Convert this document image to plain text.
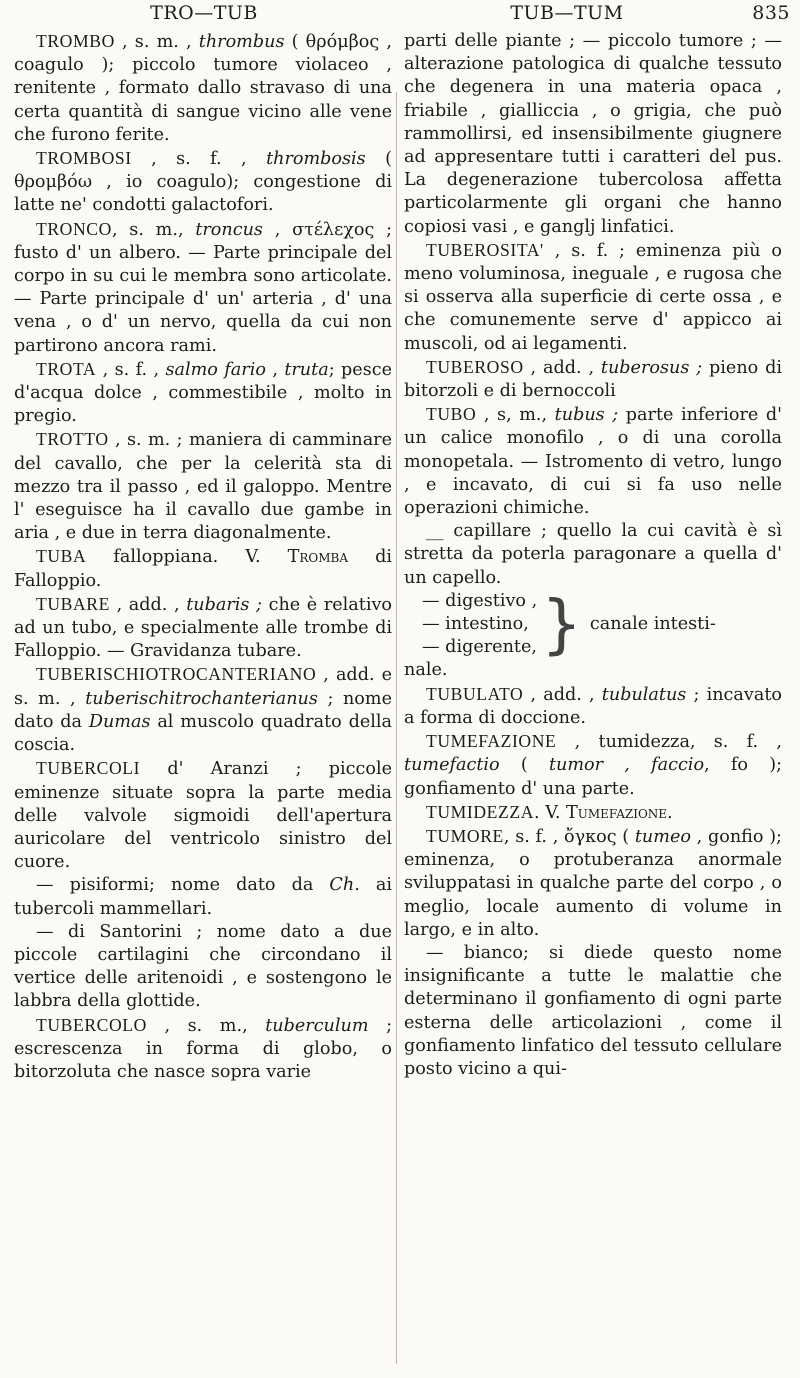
TRO—TUB	TUB—TUM	835

TROMBO , s. m. , thrombus ( θρόμβος , coagulo ); piccolo tumore violaceo , renitente , formato dallo stravaso di una certa quantità di sangue vicino alle vene che furono ferite.

TROMBOSI , s. f. , thrombosis ( θρομβόω , io coagulo); congestione di latte ne' condotti galactofori.

TRONCO, s. m., troncus , στέλεχος ; fusto d' un albero. — Parte principale del corpo in su cui le membra sono articolate. — Parte principale d' un' arteria , d' una vena , o d' un nervo, quella da cui non partirono ancora rami.

TROTA , s. f. , salmo fario , truta; pesce d'acqua dolce , commestibile , molto in pregio.

TROTTO , s. m. ; maniera di camminare del cavallo, che per la celerità sta di mezzo tra il passo , ed il galoppo. Mentre l' eseguisce ha il cavallo due gambe in aria , e due in terra diagonalmente.

TUBA falloppiana. V. Tromba di Falloppio.

TUBARE , add. , tubaris ; che è relativo ad un tubo, e specialmente alle trombe di Falloppio. — Gravidanza tubare.

TUBERISCHIOTROCANTERIANO , add. e s. m. , tuberischitrochanterianus ; nome dato da Dumas al muscolo quadrato della coscia.

TUBERCOLI d' Aranzi ; piccole eminenze situate sopra la parte media delle valvole sigmoidi dell'apertura auricolare del ventricolo sinistro del cuore.

— pisiformi; nome dato da Ch. ai tubercoli mammellari.

— di Santorini ; nome dato a due piccole cartilagini che circondano il vertice delle aritenoidi , e sostengono le labbra della glottide.

TUBERCOLO , s. m., tuberculum ; escrescenza in forma di globo, o bitorzoluta che nasce sopra varie

parti delle piante ; — piccolo tumore ; — alterazione patologica di qualche tessuto che degenera in una materia opaca , friabile , gialliccia , o grigia, che può rammollirsi, ed insensibilmente giugnere ad appresentare tutti i caratteri del pus. La degenerazione tubercolosa affetta particolarmente gli organi che hanno copiosi vasi , e ganglj linfatici.

TUBEROSITA' , s. f. ; eminenza più o meno voluminosa, ineguale , e rugosa che si osserva alla superficie di certe ossa , e che comunemente serve d' appicco ai muscoli, od ai legamenti.

TUBEROSO , add. , tuberosus ; pieno di bitorzoli e di bernoccoli

TUBO , s, m., tubus ; parte inferiore d' un calice monofilo , o di una corolla monopetala. — Istromento di vetro, lungo , e incavato, di cui si fa uso nelle operazioni chimiche.

__ capillare ; quello la cui cavità è sì stretta da poterla paragonare a quella d' un capello.

— digestivo ,
— intestino,
— digerente, } canale intesti-

nale.

TUBULATO , add. , tubulatus ; incavato a forma di doccione.

TUMEFAZIONE , tumidezza, s. f. , tumefactio ( tumor , faccio, fo ); gonfiamento d' una parte.

TUMIDEZZA. V. Tumefazione.

TUMORE, s. f. , ὄγκος ( tumeo , gonfio ); eminenza, o protuberanza anormale sviluppatasi in qualche parte del corpo , o meglio, locale aumento di volume in largo, e in alto.

— bianco; si diede questo nome insignificante a tutte le malattie che determinano il gonfiamento di ogni parte esterna delle articolazioni , come il gonfiamento linfatico del tessuto cellulare posto vicino a qui-
